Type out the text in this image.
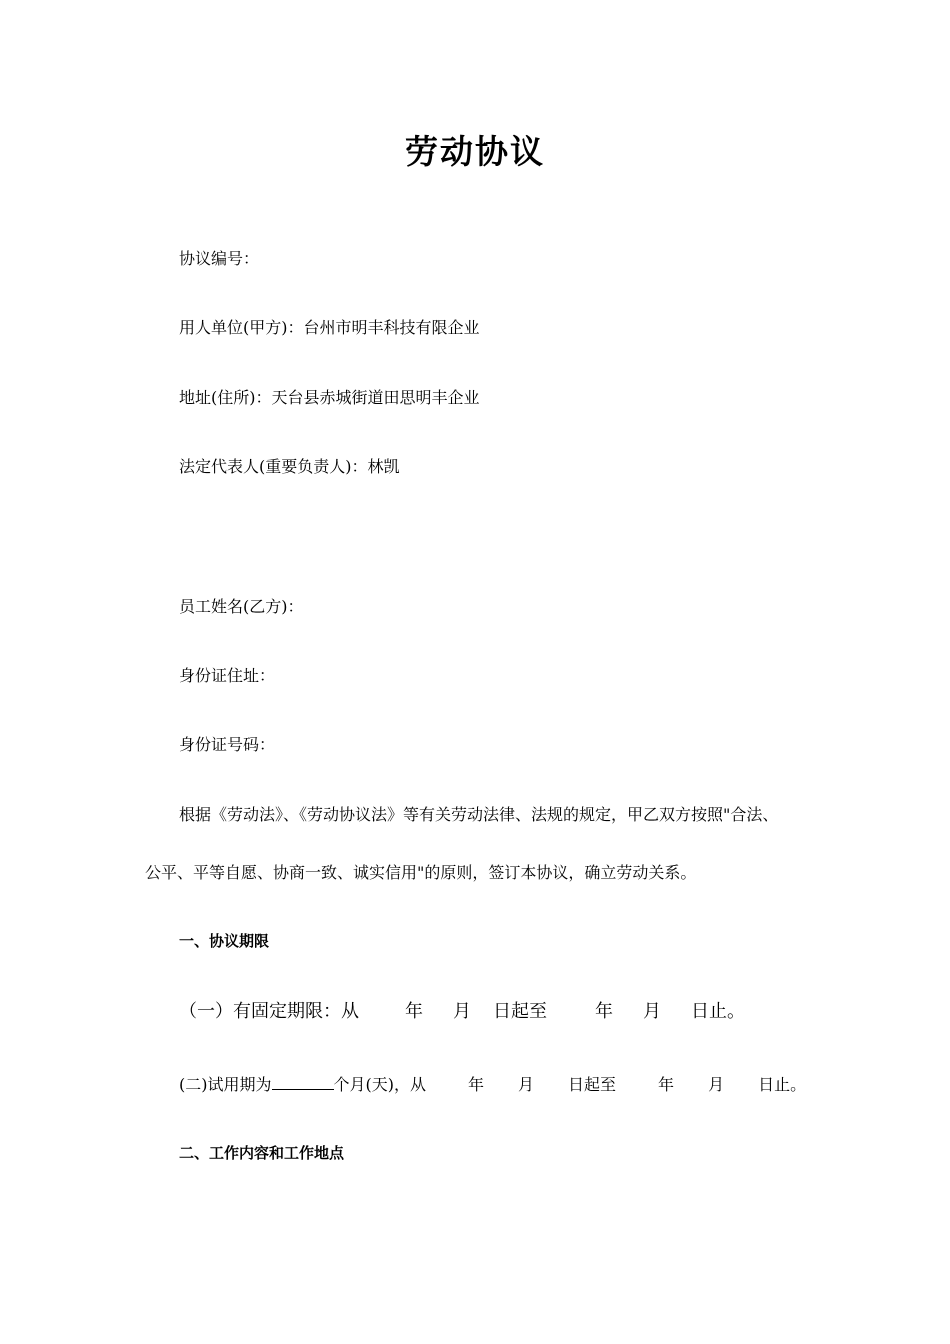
劳动协议
协议编号：
用人单位(甲方)：台州市明丰科技有限企业
地址(住所)：天台县赤城街道田思明丰企业
法定代表人(重要负责人)：林凯
员工姓名(乙方)：
身份证住址：
身份证号码：
根据《劳动法》、《劳动协议法》等有关劳动法律、法规的规定，甲乙双方按照"合法、
公平、平等自愿、协商一致、诚实信用"的原则，签订本协议，确立劳动关系。
一、协议期限
（一）有固定期限：从	年 月 日起至	年 月 日止。
(二)试用期为	个月(天)，从	年 月 日起至	年 月 日止。
二、工作内容和工作地点
